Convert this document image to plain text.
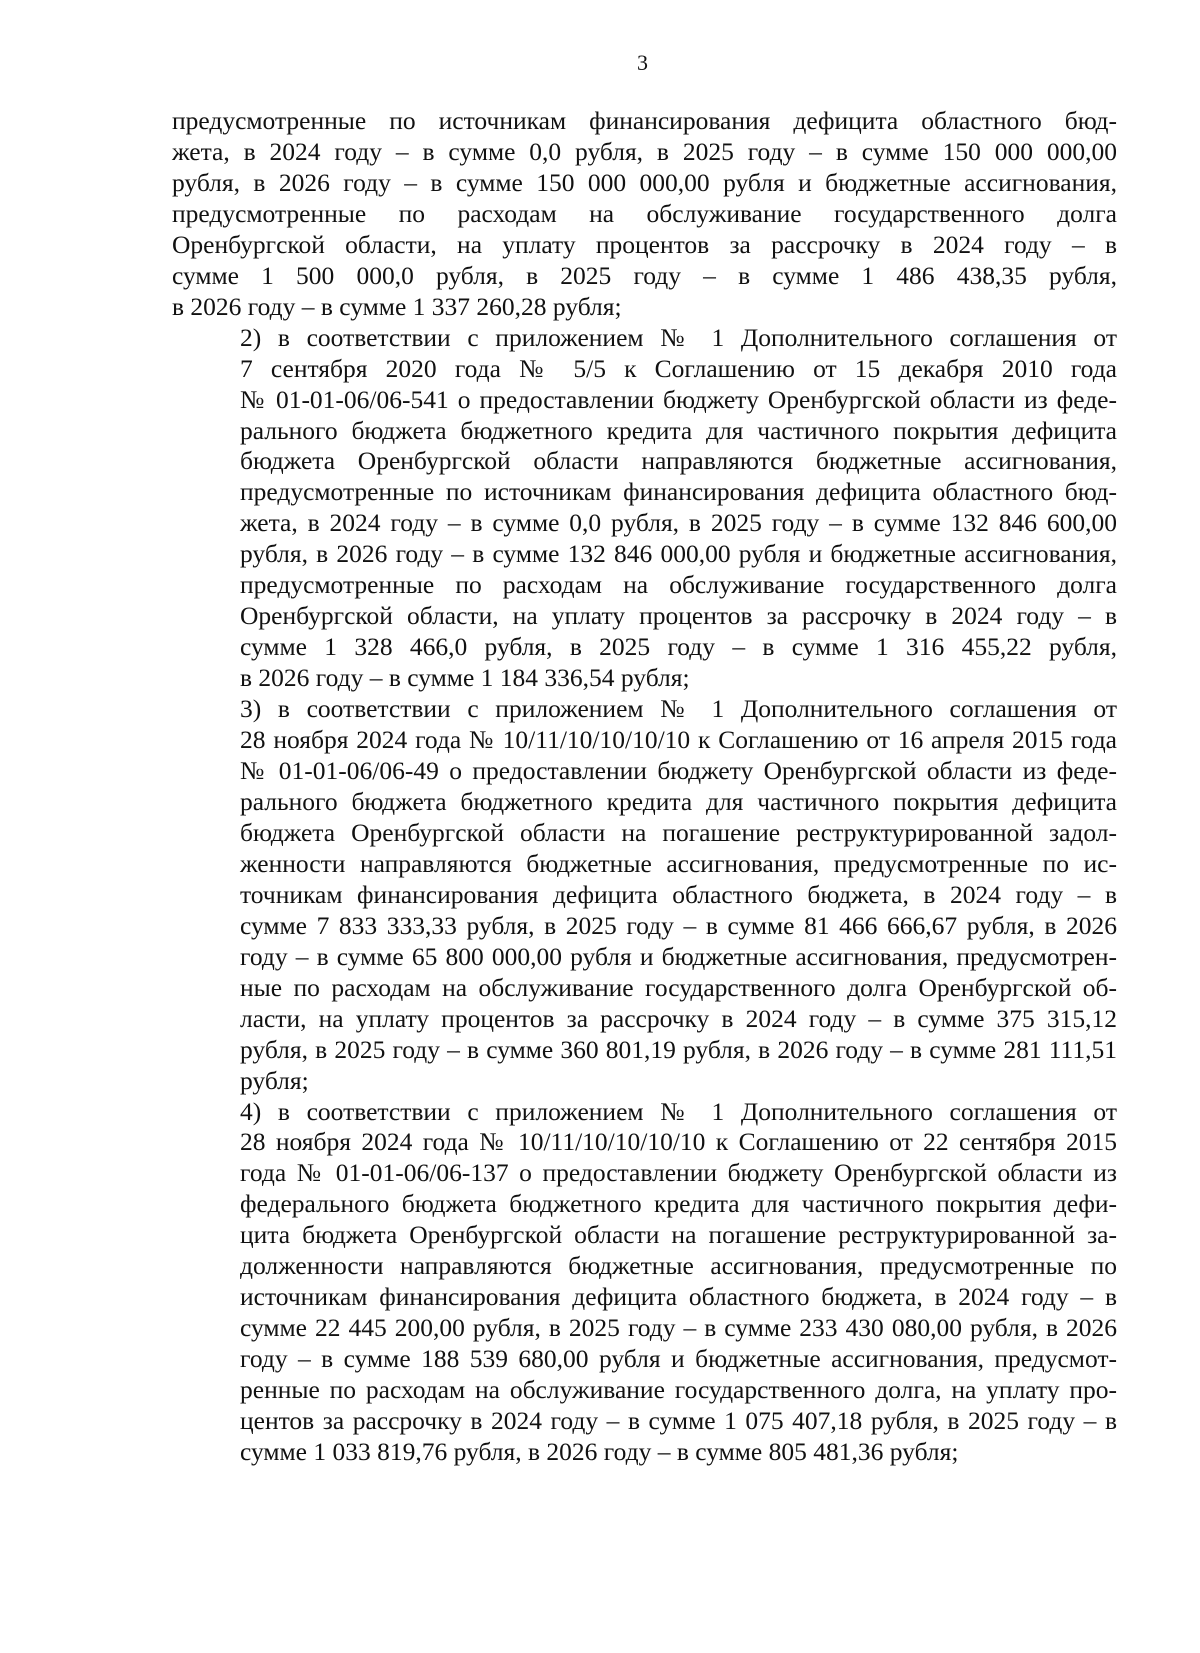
3

предусмотренные по источникам финансирования дефицита областного бюд-
жета, в 2024 году – в сумме 0,0 рубля, в 2025 году – в сумме 150 000 000,00
рубля, в 2026 году – в сумме 150 000 000,00 рубля и бюджетные ассигнования,
предусмотренные по расходам на обслуживание государственного долга
Оренбургской области, на уплату процентов за рассрочку в 2024 году – в
сумме 1 500 000,0 рубля, в 2025 году – в сумме 1 486 438,35 рубля,
в 2026 году – в сумме 1 337 260,28 рубля;

2) в соответствии с приложением № 1 Дополнительного соглашения от
7 сентября 2020 года № 5/5 к Соглашению от 15 декабря 2010 года
№ 01-01-06/06-541 о предоставлении бюджету Оренбургской области из феде-
рального бюджета бюджетного кредита для частичного покрытия дефицита
бюджета Оренбургской области направляются бюджетные ассигнования,
предусмотренные по источникам финансирования дефицита областного бюд-
жета, в 2024 году – в сумме 0,0 рубля, в 2025 году – в сумме 132 846 600,00
рубля, в 2026 году – в сумме 132 846 000,00 рубля и бюджетные ассигнования,
предусмотренные по расходам на обслуживание государственного долга
Оренбургской области, на уплату процентов за рассрочку в 2024 году – в
сумме 1 328 466,0 рубля, в 2025 году – в сумме 1 316 455,22 рубля,
в 2026 году – в сумме 1 184 336,54 рубля;

3) в соответствии с приложением № 1 Дополнительного соглашения от
28 ноября 2024 года № 10/11/10/10/10/10 к Соглашению от 16 апреля 2015 года
№ 01-01-06/06-49 о предоставлении бюджету Оренбургской области из феде-
рального бюджета бюджетного кредита для частичного покрытия дефицита
бюджета Оренбургской области на погашение реструктурированной задол-
женности направляются бюджетные ассигнования, предусмотренные по ис-
точникам финансирования дефицита областного бюджета, в 2024 году – в
сумме 7 833 333,33 рубля, в 2025 году – в сумме 81 466 666,67 рубля, в 2026
году – в сумме 65 800 000,00 рубля и бюджетные ассигнования, предусмотрен-
ные по расходам на обслуживание государственного долга Оренбургской об-
ласти, на уплату процентов за рассрочку в 2024 году – в сумме 375 315,12
рубля, в 2025 году – в сумме 360 801,19 рубля, в 2026 году – в сумме 281 111,51
рубля;

4) в соответствии с приложением № 1 Дополнительного соглашения от
28 ноября 2024 года № 10/11/10/10/10/10 к Соглашению от 22 сентября 2015
года № 01-01-06/06-137 о предоставлении бюджету Оренбургской области из
федерального бюджета бюджетного кредита для частичного покрытия дефи-
цита бюджета Оренбургской области на погашение реструктурированной за-
долженности направляются бюджетные ассигнования, предусмотренные по
источникам финансирования дефицита областного бюджета, в 2024 году – в
сумме 22 445 200,00 рубля, в 2025 году – в сумме 233 430 080,00 рубля, в 2026
году – в сумме 188 539 680,00 рубля и бюджетные ассигнования, предусмот-
ренные по расходам на обслуживание государственного долга, на уплату про-
центов за рассрочку в 2024 году – в сумме 1 075 407,18 рубля, в 2025 году – в
сумме 1 033 819,76 рубля, в 2026 году – в сумме 805 481,36 рубля;
